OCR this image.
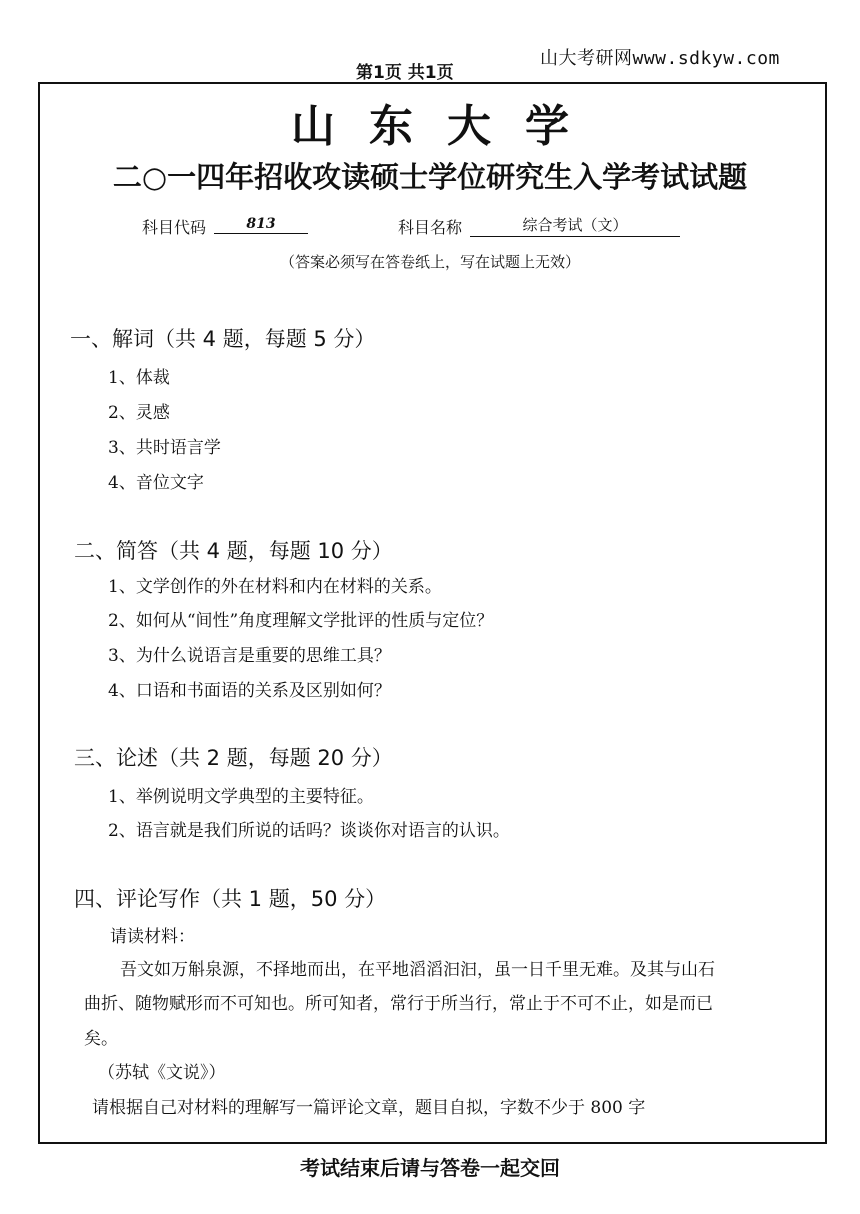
第1页 共1页
山大考研网www.sdkyw.com
山东大学
二○一四年招收攻读硕士学位研究生入学考试试题
科目代码	813	科目名称	综合考试（文）
（答案必须写在答卷纸上，写在试题上无效）
一、解词（共 4 题，每题 5 分）
1、体裁
2、灵感
3、共时语言学
4、音位文字
二、简答（共 4 题，每题 10 分）
1、文学创作的外在材料和内在材料的关系。
2、如何从“间性”角度理解文学批评的性质与定位？
3、为什么说语言是重要的思维工具？
4、口语和书面语的关系及区别如何？
三、论述（共 2 题，每题 20 分）
1、举例说明文学典型的主要特征。
2、语言就是我们所说的话吗？谈谈你对语言的认识。
四、评论写作（共 1 题，50 分）
请读材料：
吾文如万斛泉源，不择地而出，在平地滔滔汩汩，虽一日千里无难。及其与山石
曲折、随物赋形而不可知也。所可知者，常行于所当行，常止于不可不止，如是而已
矣。
（苏轼《文说》）
请根据自己对材料的理解写一篇评论文章，题目自拟，字数不少于 800 字
考试结束后请与答卷一起交回
